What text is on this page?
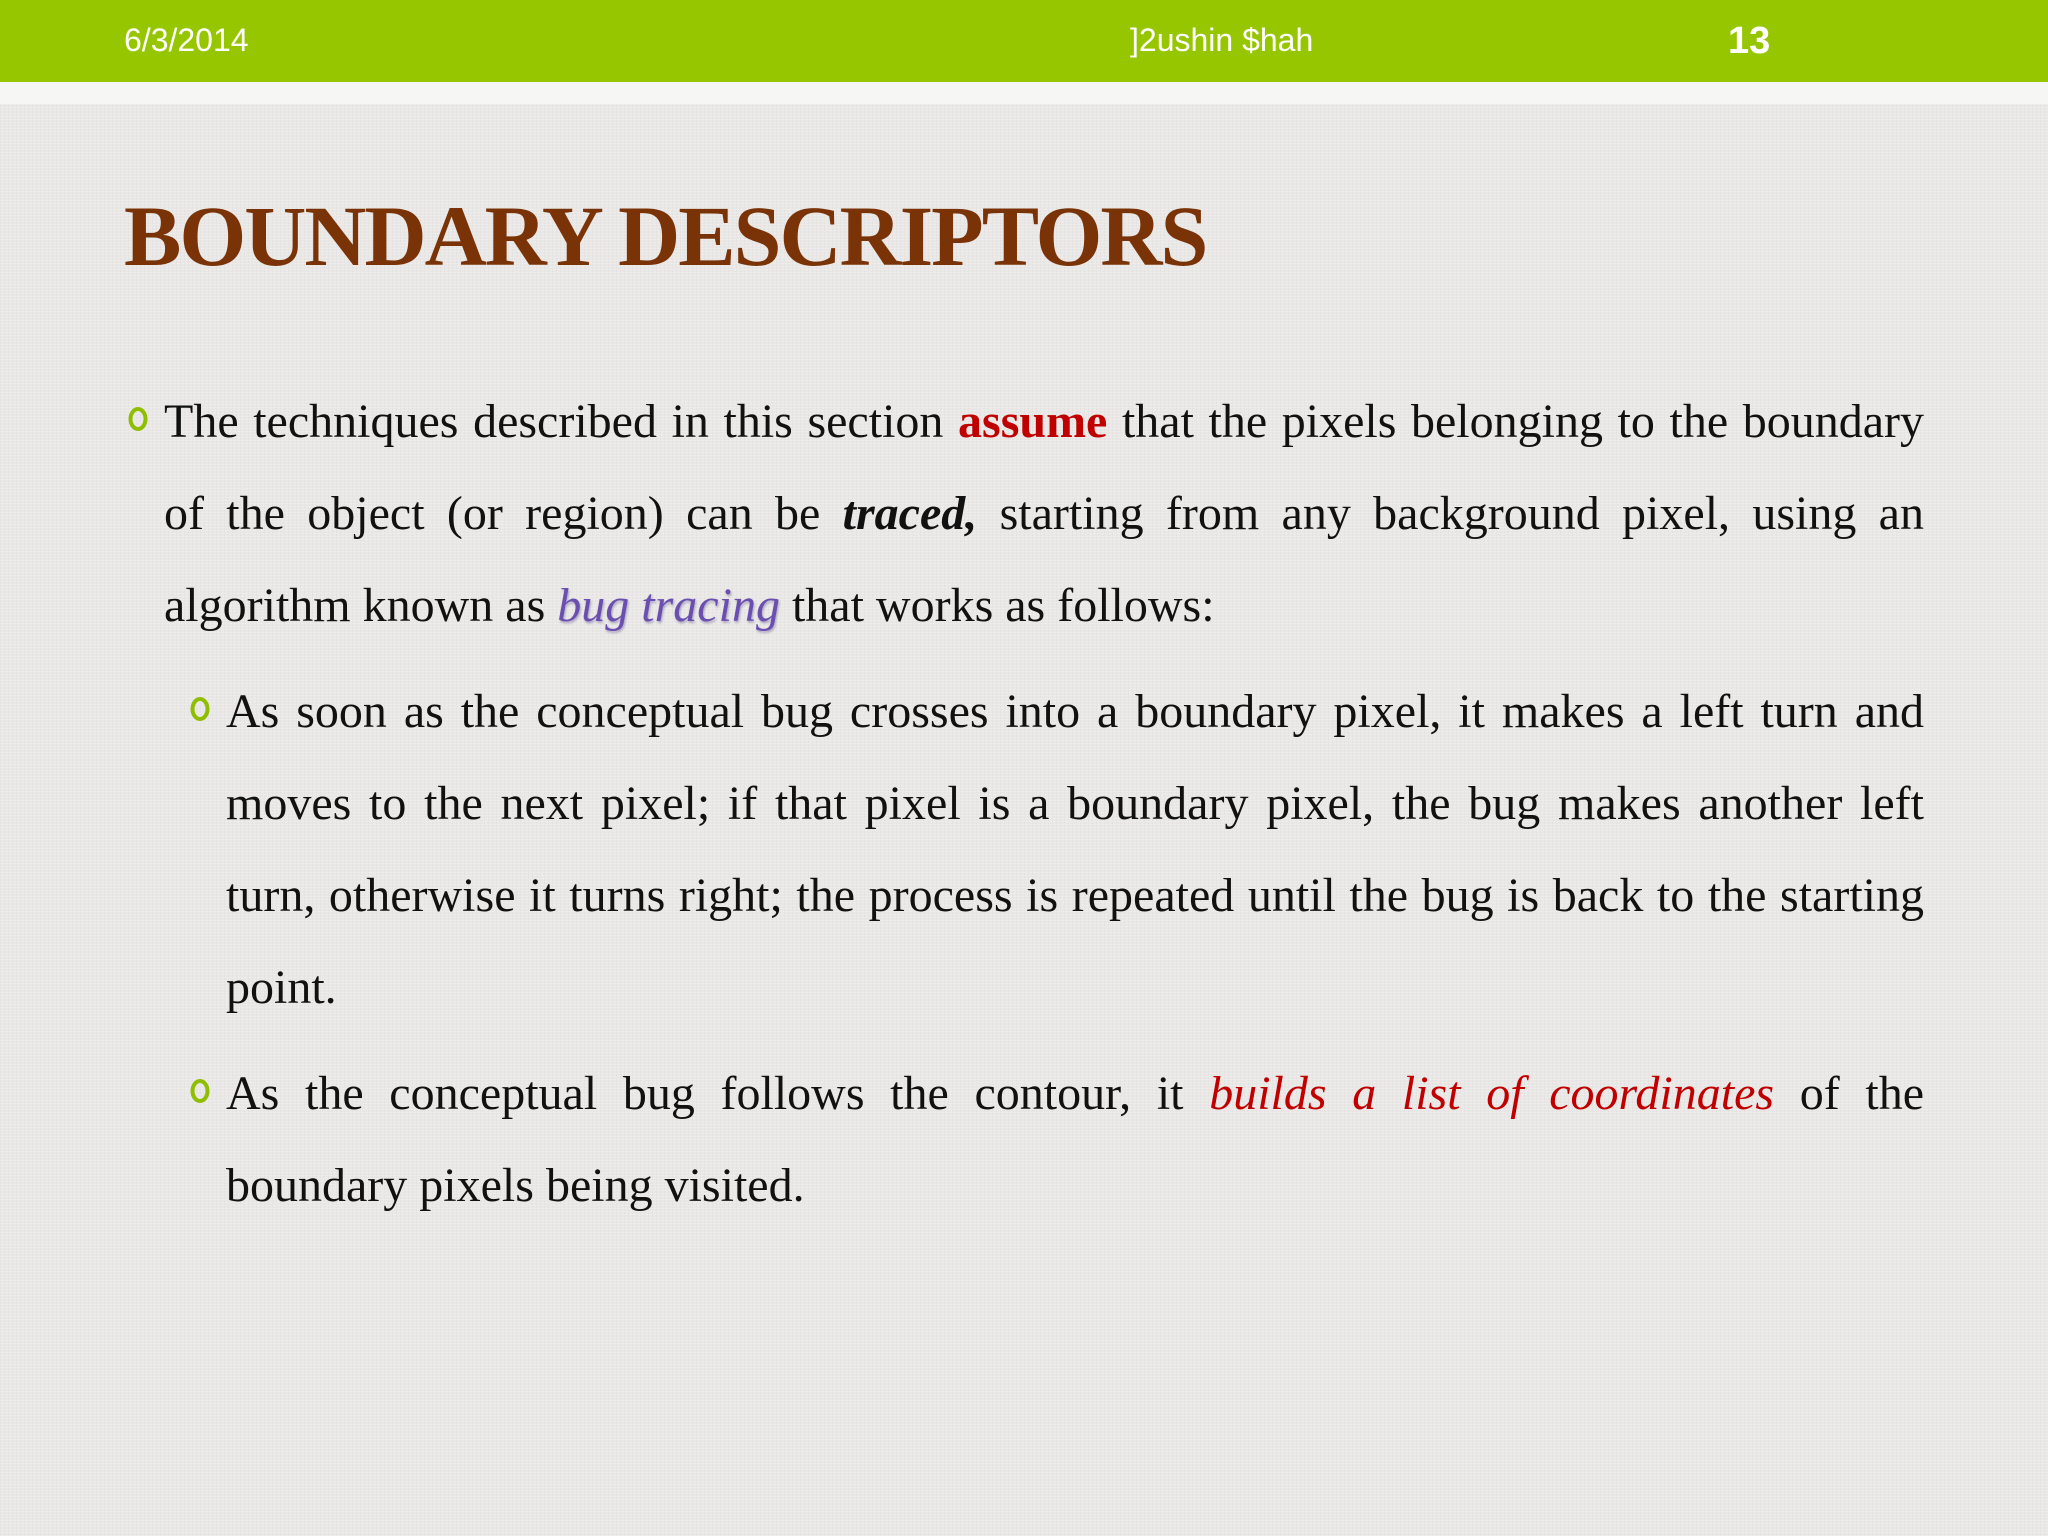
6/3/2014	]2ushin $hah	13
BOUNDARY DESCRIPTORS
The techniques described in this section assume that the pixels belonging to the boundary of the object (or region) can be traced, starting from any background pixel, using an algorithm known as bug tracing that works as follows:
As soon as the conceptual bug crosses into a boundary pixel, it makes a left turn and moves to the next pixel; if that pixel is a boundary pixel, the bug makes another left turn, otherwise it turns right; the process is repeated until the bug is back to the starting point.
As the conceptual bug follows the contour, it builds a list of coordinates of the boundary pixels being visited.
